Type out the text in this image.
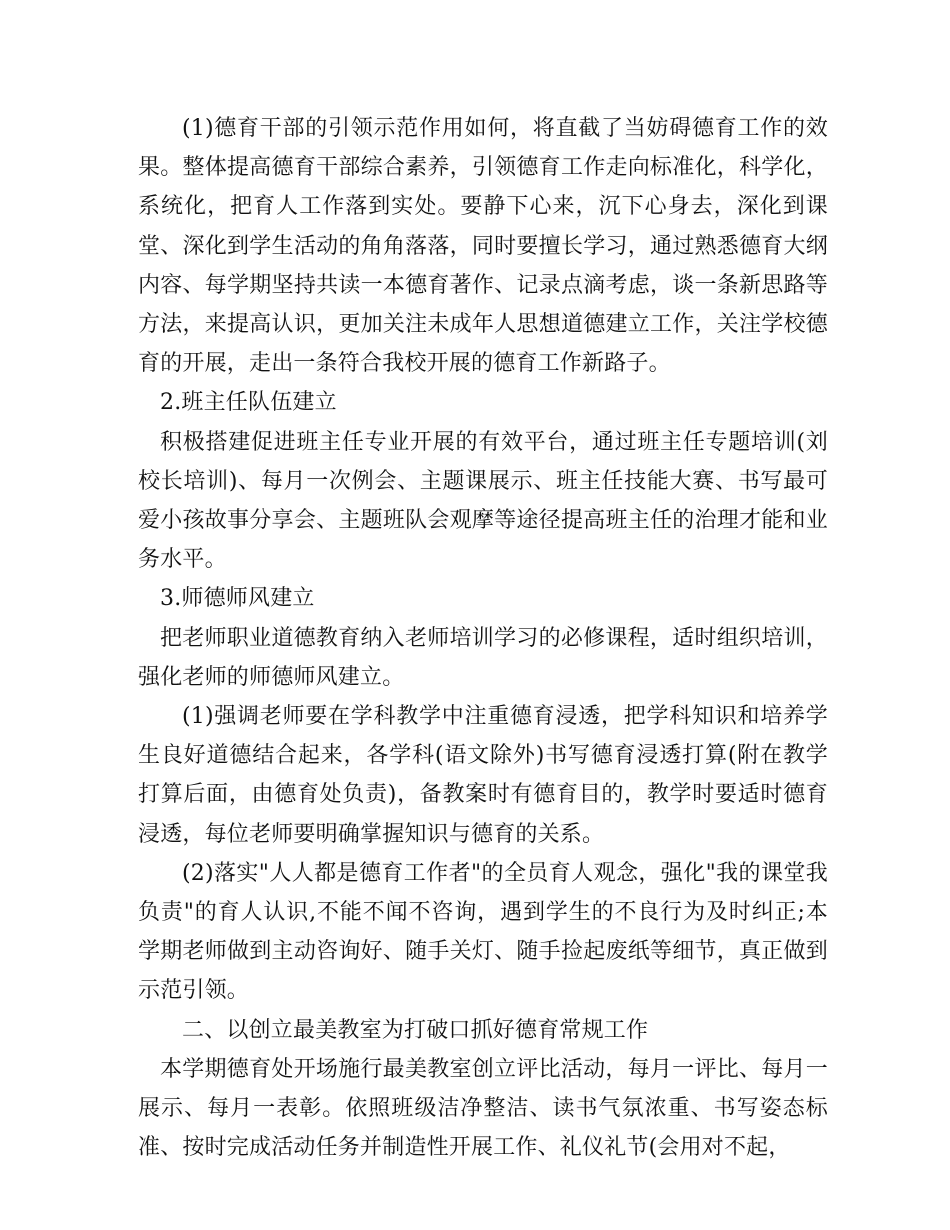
(1)德育干部的引领示范作用如何，将直截了当妨碍德育工作的效果。整体提高德育干部综合素养，引领德育工作走向标准化，科学化，系统化，把育人工作落到实处。要静下心来，沉下心身去，深化到课堂、深化到学生活动的角角落落，同时要擅长学习，通过熟悉德育大纲内容、每学期坚持共读一本德育著作、记录点滴考虑，谈一条新思路等方法，来提高认识，更加关注未成年人思想道德建立工作，关注学校德育的开展，走出一条符合我校开展的德育工作新路子。

2.班主任队伍建立

积极搭建促进班主任专业开展的有效平台，通过班主任专题培训(刘校长培训)、每月一次例会、主题课展示、班主任技能大赛、书写最可爱小孩故事分享会、主题班队会观摩等途径提高班主任的治理才能和业务水平。

3.师德师风建立

把老师职业道德教育纳入老师培训学习的必修课程，适时组织培训，强化老师的师德师风建立。

(1)强调老师要在学科教学中注重德育浸透，把学科知识和培养学生良好道德结合起来，各学科(语文除外)书写德育浸透打算(附在教学打算后面，由德育处负责)，备教案时有德育目的，教学时要适时德育浸透，每位老师要明确掌握知识与德育的关系。

(2)落实"人人都是德育工作者"的全员育人观念，强化"我的课堂我负责"的育人认识,不能不闻不咨询，遇到学生的不良行为及时纠正;本学期老师做到主动咨询好、随手关灯、随手捡起废纸等细节，真正做到示范引领。

二、以创立最美教室为打破口抓好德育常规工作

本学期德育处开场施行最美教室创立评比活动，每月一评比、每月一展示、每月一表彰。依照班级洁净整洁、读书气氛浓重、书写姿态标准、按时完成活动任务并制造性开展工作、礼仪礼节(会用对不起，
